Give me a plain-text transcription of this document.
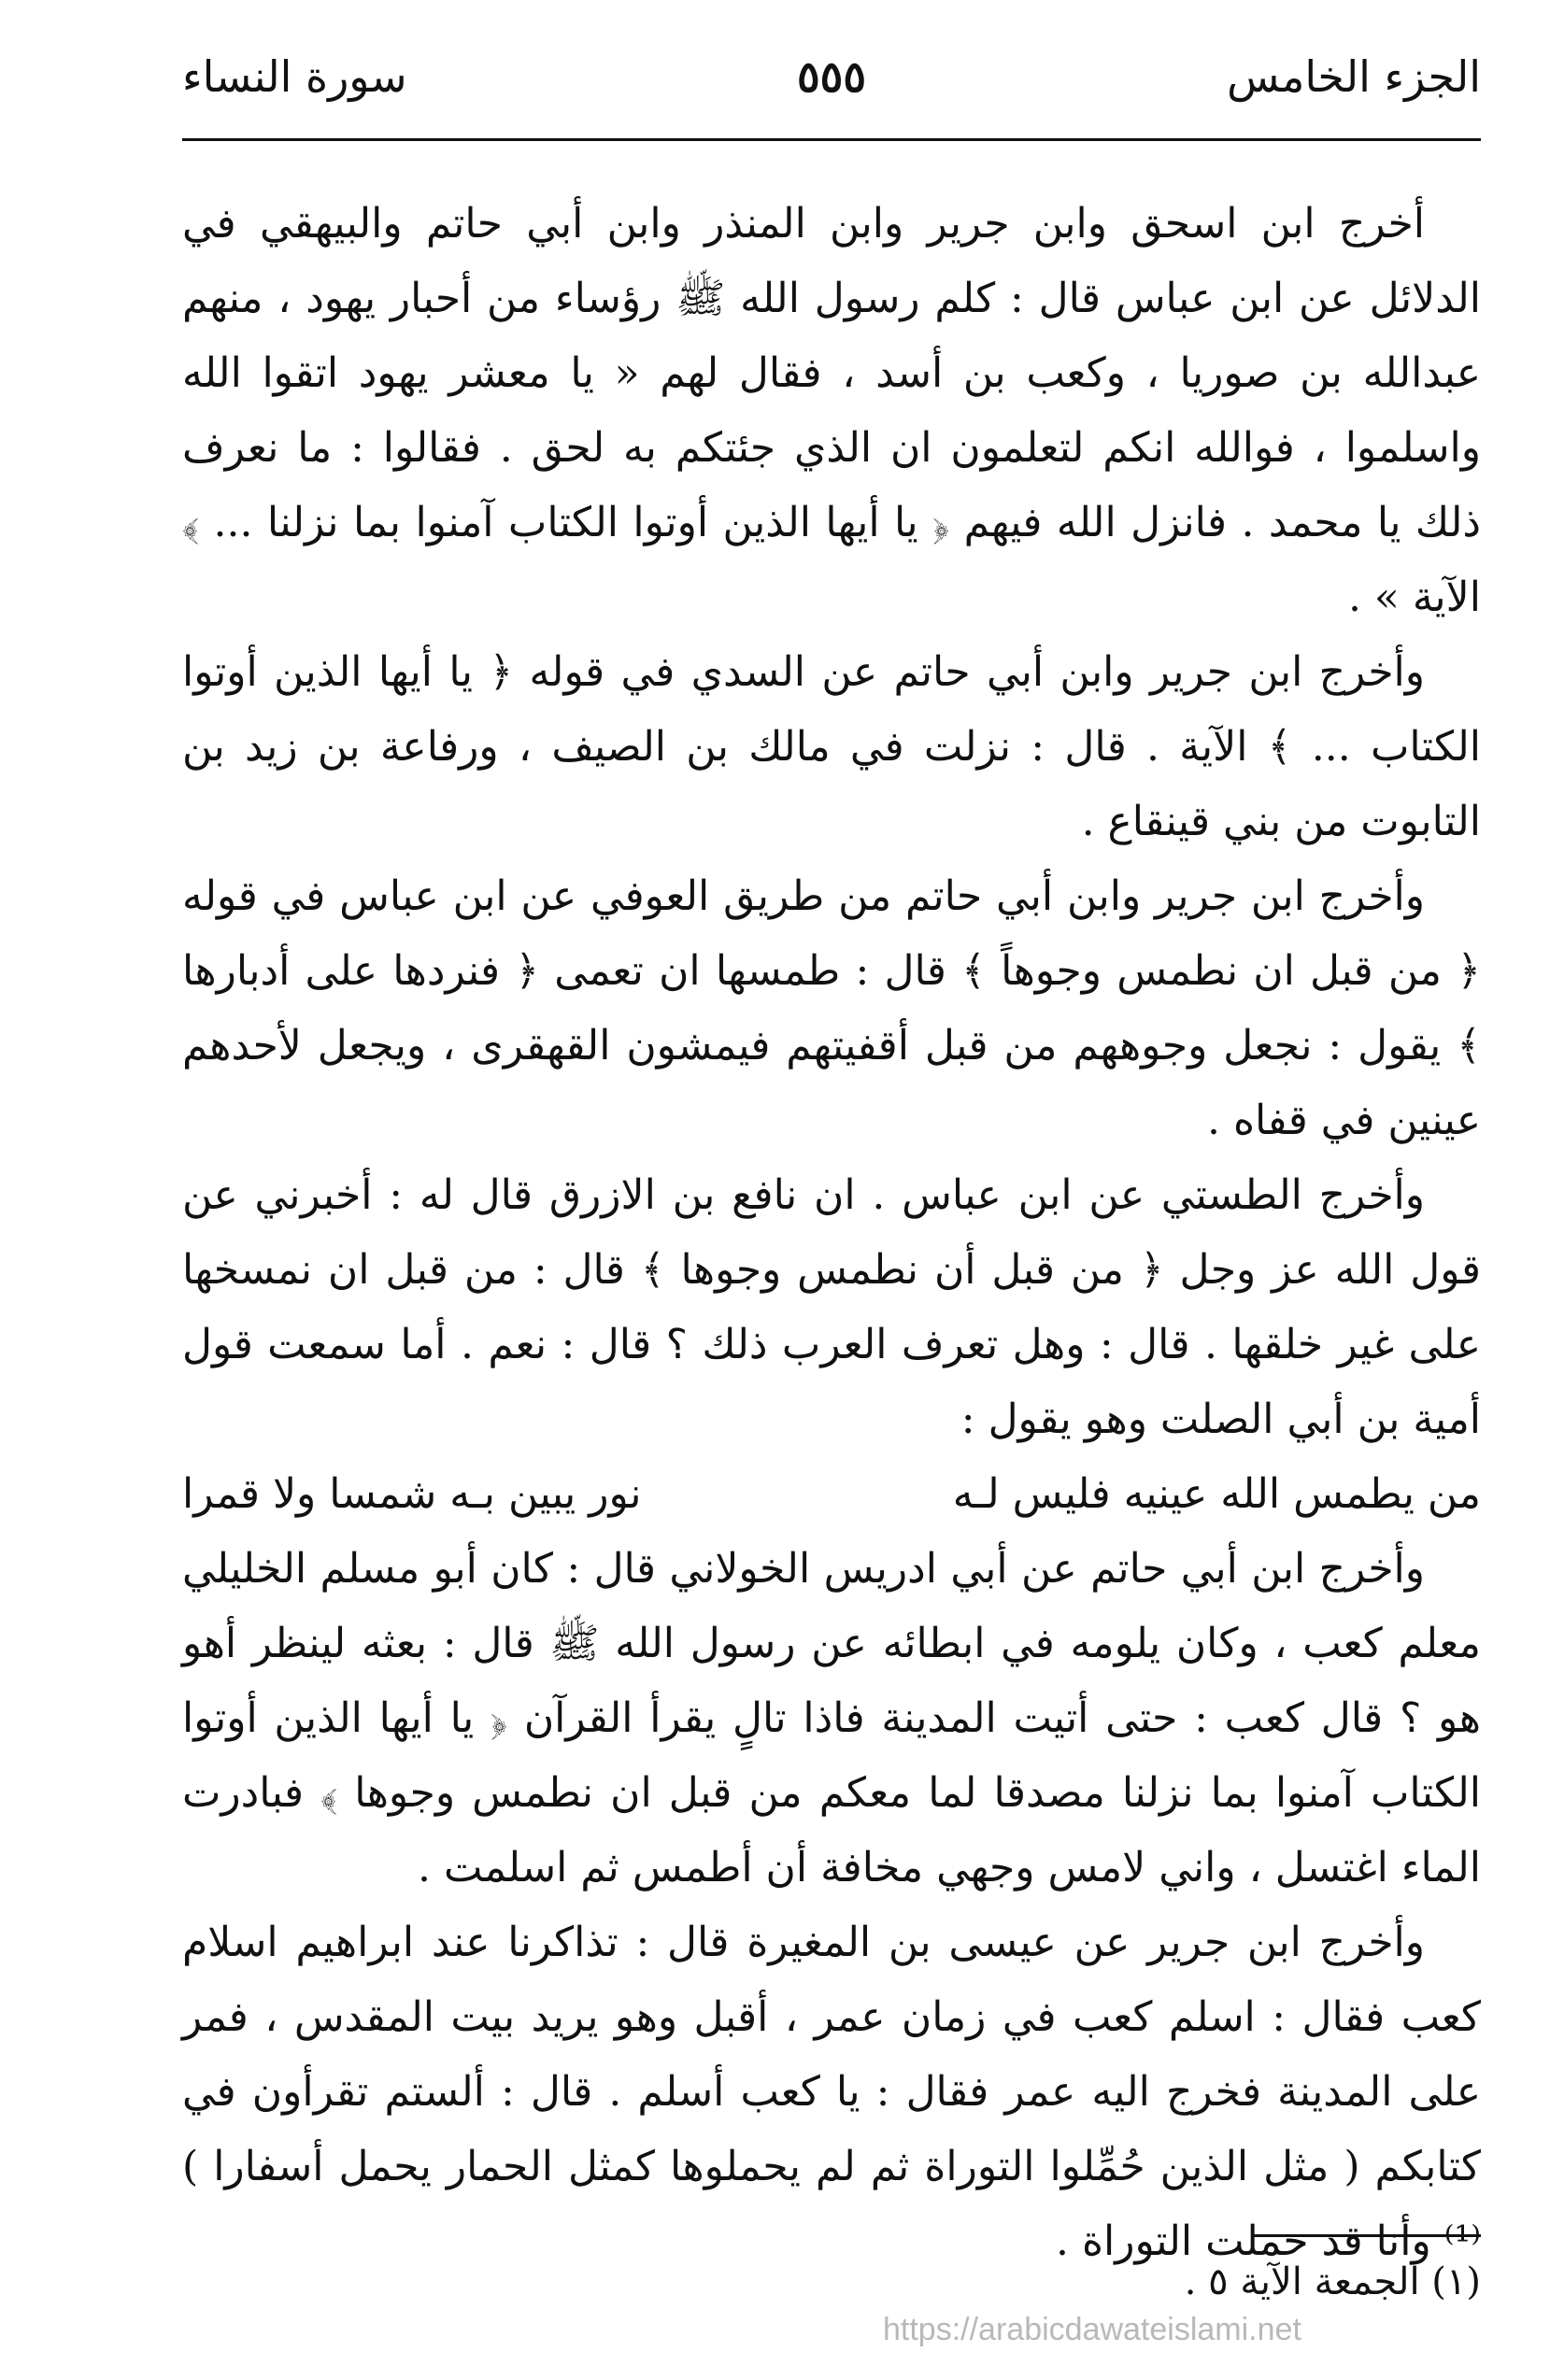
الجزء الخامس
٥٥٥
سورة النساء

أخرج ابن اسحق وابن جرير وابن المنذر وابن أبي حاتم والبيهقي في الدلائل عن ابن عباس قال : كلم رسول الله ﷺ رؤساء من أحبار يهود ، منهم عبدالله بن صوريا ، وكعب بن أسد ، فقال لهم « يا معشر يهود اتقوا الله واسلموا ، فوالله انكم لتعلمون ان الذي جئتكم به لحق . فقالوا : ما نعرف ذلك يا محمد . فانزل الله فيهم ﴿ يا أيها الذين أوتوا الكتاب آمنوا بما نزلنا ... ﴾ الآية » .

وأخرج ابن جرير وابن أبي حاتم عن السدي في قوله ﴿ يا أيها الذين أوتوا الكتاب ... ﴾ الآية . قال : نزلت في مالك بن الصيف ، ورفاعة بن زيد بن التابوت من بني قينقاع .

وأخرج ابن جرير وابن أبي حاتم من طريق العوفي عن ابن عباس في قوله ﴿ من قبل ان نطمس وجوهاً ﴾ قال : طمسها ان تعمى ﴿ فنردها على أدبارها ﴾ يقول : نجعل وجوههم من قبل أقفيتهم فيمشون القهقرى ، ويجعل لأحدهم عينين في قفاه .

وأخرج الطستي عن ابن عباس . ان نافع بن الازرق قال له : أخبرني عن قول الله عز وجل ﴿ من قبل أن نطمس وجوها ﴾ قال : من قبل ان نمسخها على غير خلقها . قال : وهل تعرف العرب ذلك ؟ قال : نعم . أما سمعت قول أمية بن أبي الصلت وهو يقول :

من يطمس الله عينيه فليس لـه
نور يبين بـه شمسا ولا قمرا

وأخرج ابن أبي حاتم عن أبي ادريس الخولاني قال : كان أبو مسلم الخليلي معلم كعب ، وكان يلومه في ابطائه عن رسول الله ﷺ قال : بعثه لينظر أهو هو ؟ قال كعب : حتى أتيت المدينة فاذا تالٍ يقرأ القرآن ﴿ يا أيها الذين أوتوا الكتاب آمنوا بما نزلنا مصدقا لما معكم من قبل ان نطمس وجوها ﴾ فبادرت الماء اغتسل ، واني لامس وجهي مخافة أن أطمس ثم اسلمت .

وأخرج ابن جرير عن عيسى بن المغيرة قال : تذاكرنا عند ابراهيم اسلام كعب فقال : اسلم كعب في زمان عمر ، أقبل وهو يريد بيت المقدس ، فمر على المدينة فخرج اليه عمر فقال : يا كعب أسلم . قال : ألستم تقرأون في كتابكم ( مثل الذين حُمِّلوا التوراة ثم لم يحملوها كمثل الحمار يحمل أسفارا )⁽¹⁾ وأنا قد حملت التوراة .

(١) الجمعة الآية ٥ .
https://arabicdawateislami.net
